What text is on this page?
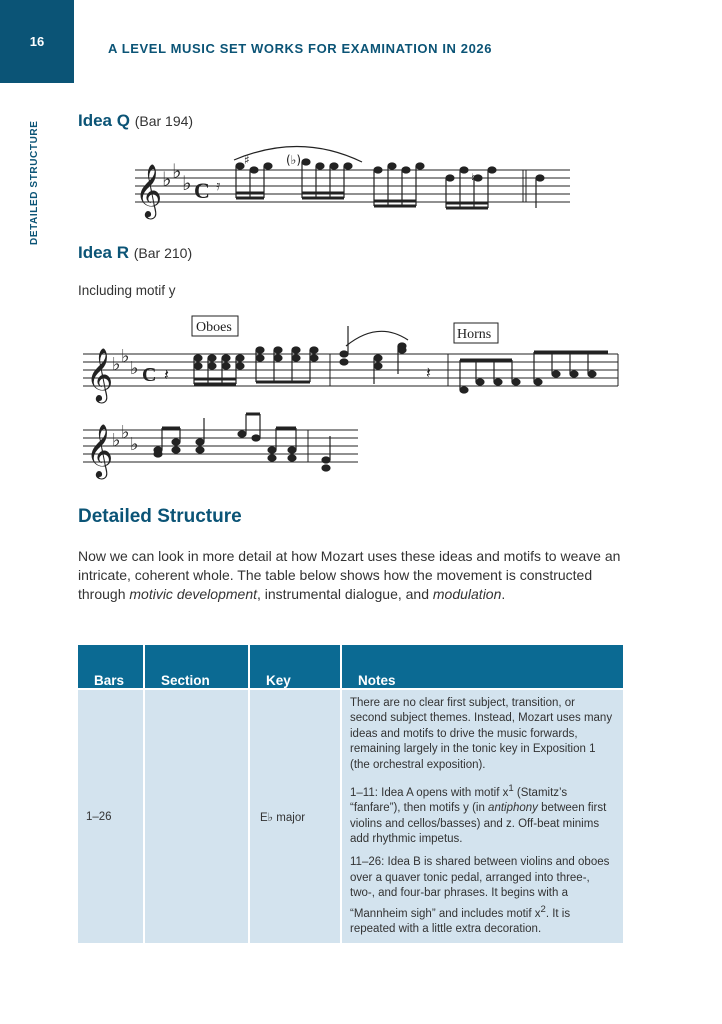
16	A LEVEL MUSIC SET WORKS FOR EXAMINATION IN 2026
DETAILED STRUCTURE Idea Q (Bar 194)
𝄞 ♭ ♭ ♭ C 𝄿
♯	(♭)
♮
Idea R (Bar 210)
Including motif y
Oboes	Horns
𝄞
♭ ♭
♭ C 𝄽	𝄽
𝄞
♭ ♭
♭
Detailed Structure
Now we can look in more detail at how Mozart uses these ideas and motifs to weave an intricate, coherent whole. The table below shows how the movement is constructed through motivic development, instrumental dialogue, and modulation.
Bars	Section	Key	Notes
1–26		E♭ major	There are no clear first subject, transition, or second subject themes. Instead, Mozart uses many ideas and motifs to drive the music forwards, remaining largely in the tonic key in Exposition 1 (the orchestral exposition).

1–11: Idea A opens with motif $x^1$ (Stamitz’s “fanfare”), then motifs y (in antiphony between first violins and cellos/basses) and z. Off-beat minims add rhythmic impetus.

11–26: Idea B is shared between violins and oboes over a quaver tonic pedal, arranged into three-, two-, and four-bar phrases. It begins with a “Mannheim sigh” and includes motif $x^2$. It is repeated with a little extra decoration.
